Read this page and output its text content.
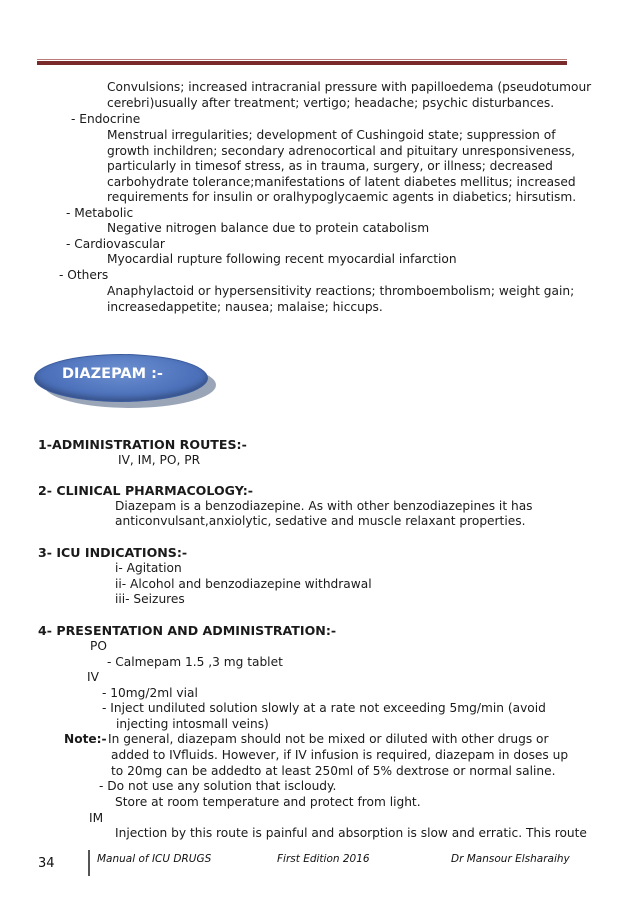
Convulsions; increased intracranial pressure with papilloedema (pseudotumour
cerebri)usually after treatment; vertigo; headache; psychic disturbances.
- Endocrine
Menstrual irregularities; development of Cushingoid state; suppression of
growth inchildren; secondary adrenocortical and pituitary unresponsiveness,
particularly in timesof stress, as in trauma, surgery, or illness; decreased
carbohydrate tolerance;manifestations of latent diabetes mellitus; increased
requirements for insulin or oralhypoglycaemic agents in diabetics; hirsutism.
- Metabolic
Negative nitrogen balance due to protein catabolism
- Cardiovascular
Myocardial rupture following recent myocardial infarction
- Others
Anaphylactoid or hypersensitivity reactions; thromboembolism; weight gain;
increasedappetite; nausea; malaise; hiccups.
DIAZEPAM :-
1-ADMINISTRATION ROUTES:-
IV, IM, PO, PR
2- CLINICAL PHARMACOLOGY:-
Diazepam is a benzodiazepine. As with other benzodiazepines it has
anticonvulsant,anxiolytic, sedative and muscle relaxant properties.
3- ICU INDICATIONS:-
i- Agitation
ii- Alcohol and benzodiazepine withdrawal
iii- Seizures
4- PRESENTATION AND ADMINISTRATION:-
PO
- Calmepam 1.5 ,3 mg tablet
IV
- 10mg/2ml vial
- Inject undiluted solution slowly at a rate not exceeding 5mg/min (avoid
injecting intosmall veins)
Note:- In general, diazepam should not be mixed or diluted with other drugs or
added to IVfluids. However, if IV infusion is required, diazepam in doses up
to 20mg can be addedto at least 250ml of 5% dextrose or normal saline.
- Do not use any solution that iscloudy.
Store at room temperature and protect from light.
IM
Injection by this route is painful and absorption is slow and erratic. This route
34	Manual of ICU DRUGS	First Edition 2016	Dr Mansour Elsharaihy
